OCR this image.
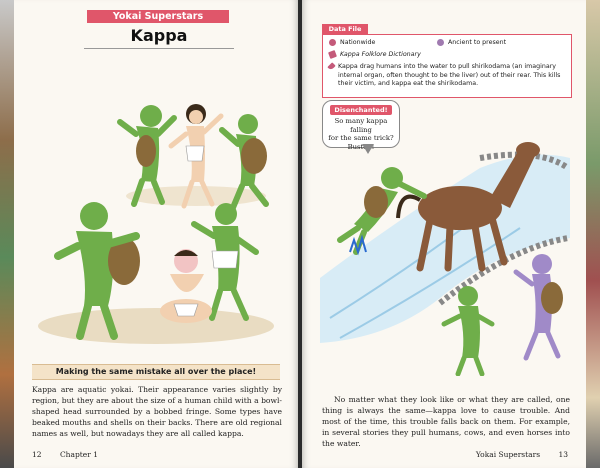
Yokai Superstars
Kappa
Making the same mistake all over the place!
Kappa are aquatic yokai. Their appearance varies slightly by region, but they are about the size of a human child with a bowl-shaped head surrounded by a bobbed fringe. Some types have beaked mouths and shells on their backs. There are old regional names as well, but nowadays they are all called kappa.
12 Chapter 1
Data File
Nationwide	Ancient to present
Kappa Folklore Dictionary
Kappa drag humans into the water to pull shirikodama (an imaginary internal organ, often thought to be the liver) out of their rear. This kills their victim, and kappa eat the shirikodama.
Disenchanted!
So many kappa falling
for the same trick?
Busted!
No matter what they look like or what they are called, one thing is always the same—kappa love to cause trouble. And most of the time, this trouble falls back on them. For example, in several stories they pull humans, cows, and even horses into the water.
Yokai Superstars 13
